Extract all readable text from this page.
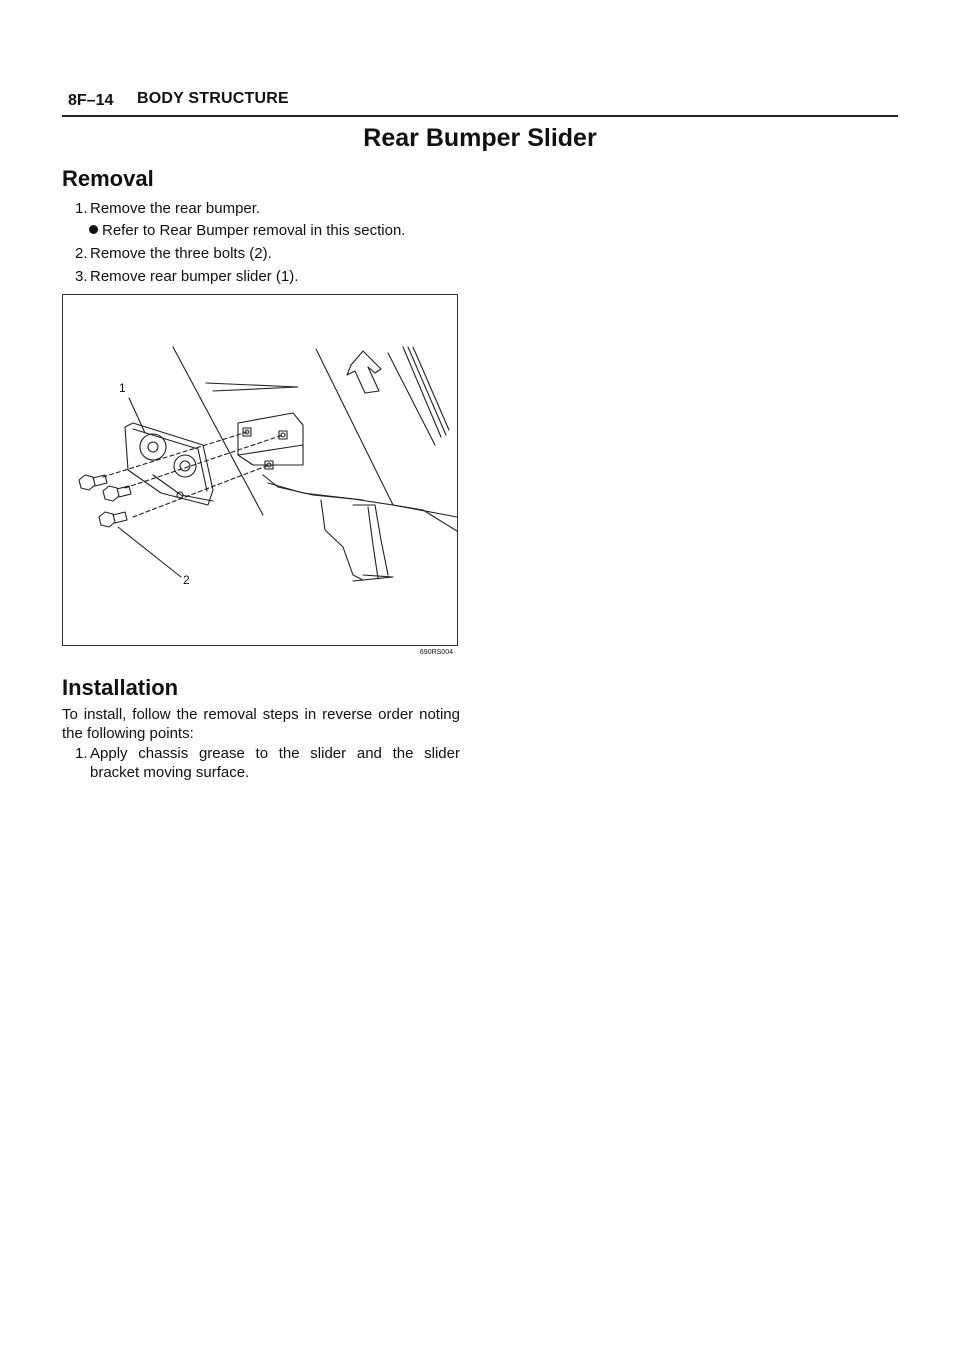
8F–14 BODY STRUCTURE
Rear Bumper Slider
Removal
1. Remove the rear bumper.
Refer to Rear Bumper removal in this section.
2. Remove the three bolts (2).
3. Remove rear bumper slider (1).
1
2
690RS004
Installation
To install, follow the removal steps in reverse order noting the following points:
1. Apply chassis grease to the slider and the slider
bracket moving surface.
